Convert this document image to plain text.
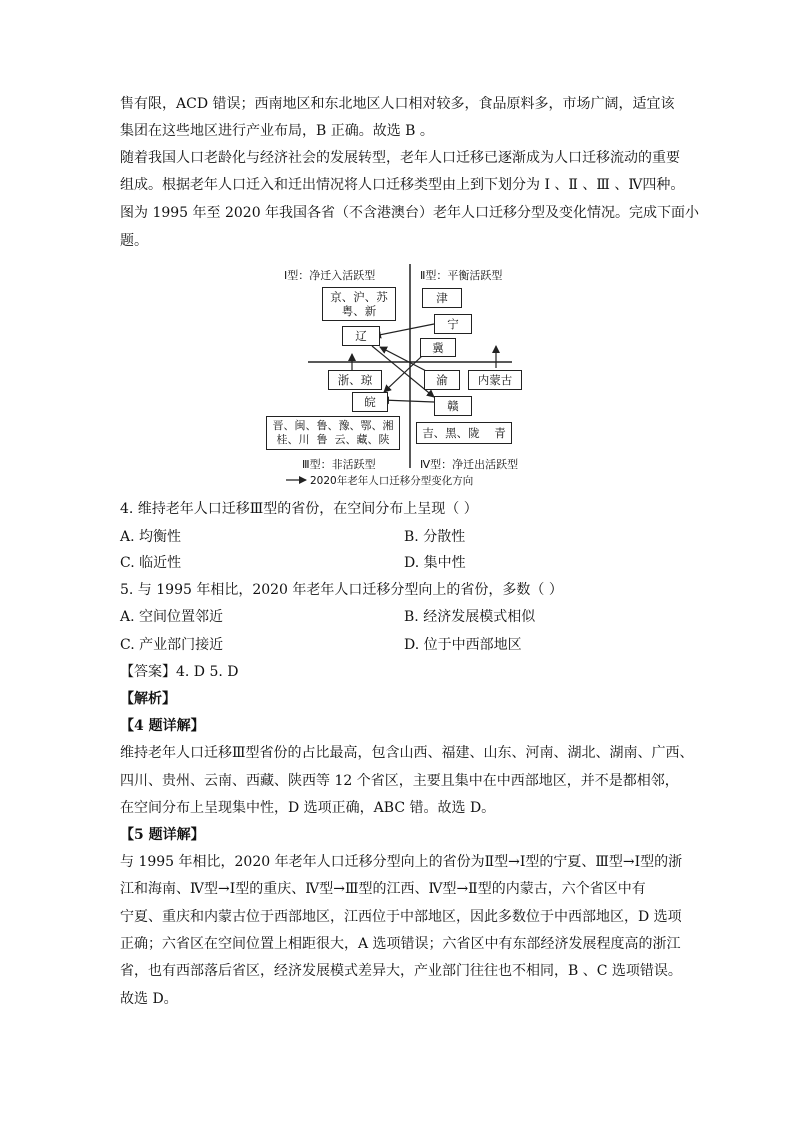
售有限，ACD 错误；西南地区和东北地区人口相对较多，食品原料多，市场广阔，适宜该
集团在这些地区进行产业布局，B 正确。故选 B 。
随着我国人口老龄化与经济社会的发展转型，老年人口迁移已逐渐成为人口迁移流动的重要
组成。根据老年人口迁入和迁出情况将人口迁移类型由上到下划分为 Ⅰ 、Ⅱ 、Ⅲ 、Ⅳ四种。
图为 1995 年至 2020 年我国各省（不含港澳台）老年人口迁移分型及变化情况。完成下面小
题。
Ⅰ型：净迁入活跃型	Ⅱ型：平衡活跃型
Ⅲ型：非活跃型	Ⅳ型：净迁出活跃型
京、沪、苏
粤、新
津
宁
辽
冀
浙、琼	渝	内蒙古
皖	赣
晋、闽、鲁、豫、鄂、湘
桂、川  鲁  云、藏、陕	吉、黑、陇    青
2020年老年人口迁移分型变化方向
4. 维持老年人口迁移Ⅲ型的省份，在空间分布上呈现（ ）
A. 均衡性	B. 分散性
C. 临近性	D. 集中性
5. 与 1995 年相比，2020 年老年人口迁移分型向上的省份，多数（ ）
A. 空间位置邻近	B. 经济发展模式相似
C. 产业部门接近	D. 位于中西部地区
【答案】4. D 5. D
【解析】
【4 题详解】
维持老年人口迁移Ⅲ型省份的占比最高，包含山西、福建、山东、河南、湖北、湖南、广西、
四川、贵州、云南、西藏、陕西等 12 个省区，主要且集中在中西部地区，并不是都相邻，
在空间分布上呈现集中性，D 选项正确，ABC 错。故选 D。
【5 题详解】
与 1995 年相比，2020 年老年人口迁移分型向上的省份为Ⅱ型→Ⅰ型的宁夏、Ⅲ型→Ⅰ型的浙
江和海南、Ⅳ型→Ⅰ型的重庆、Ⅳ型→Ⅲ型的江西、Ⅳ型→Ⅱ型的内蒙古，六个省区中有
宁夏、重庆和内蒙古位于西部地区，江西位于中部地区，因此多数位于中西部地区，D 选项
正确；六省区在空间位置上相距很大，A 选项错误；六省区中有东部经济发展程度高的浙江
省，也有西部落后省区，经济发展模式差异大，产业部门往往也不相同，B 、C 选项错误。
故选 D。
